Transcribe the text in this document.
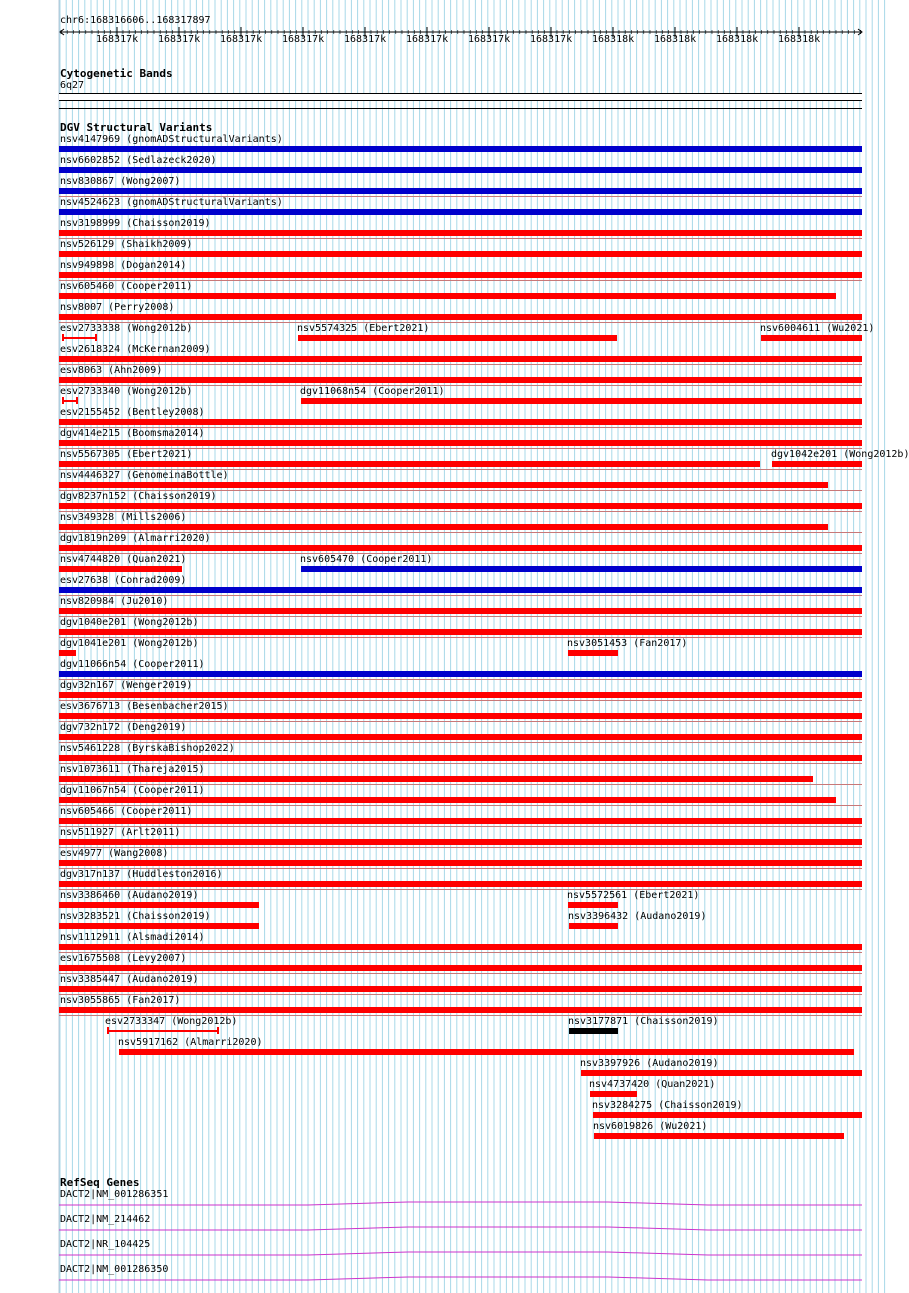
chr6:168316606..168317897
168317k 168317k 168317k 168317k 168317k 168317k 168317k 168317k 168318k 168318k 168318k 168318k
Cytogenetic Bands
6q27
DGV Structural Variants
nsv4147969 (gnomADStructuralVariants)
nsv6602852 (Sedlazeck2020)
nsv830867 (Wong2007)
nsv4524623 (gnomADStructuralVariants)
nsv3198999 (Chaisson2019)
nsv526129 (Shaikh2009)
nsv949898 (Dogan2014)
nsv605460 (Cooper2011)
nsv8007 (Perry2008)
esv2733338 (Wong2012b)	nsv5574325 (Ebert2021)	nsv6004611 (Wu2021)
esv2618324 (McKernan2009)
esv8063 (Ahn2009)
esv2733340 (Wong2012b)	dgv11068n54 (Cooper2011)
esv2155452 (Bentley2008)
dgv414e215 (Boomsma2014)
nsv5567305 (Ebert2021)	dgv1042e201 (Wong2012b)
nsv4446327 (GenomeinaBottle)
dgv8237n152 (Chaisson2019)
nsv349328 (Mills2006)
dgv1819n209 (Almarri2020)
nsv4744820 (Quan2021)	nsv605470 (Cooper2011)
esv27638 (Conrad2009)
nsv820984 (Ju2010)
dgv1040e201 (Wong2012b)
dgv1041e201 (Wong2012b)	nsv3051453 (Fan2017)
dgv11066n54 (Cooper2011)
dgv32n167 (Wenger2019)
esv3676713 (Besenbacher2015)
dgv732n172 (Deng2019)
nsv5461228 (ByrskaBishop2022)
nsv1073611 (Thareja2015)
dgv11067n54 (Cooper2011)
nsv605466 (Cooper2011)
nsv511927 (Arlt2011)
esv4977 (Wang2008)
dgv317n137 (Huddleston2016)
nsv3386460 (Audano2019)	nsv5572561 (Ebert2021)
nsv3283521 (Chaisson2019)	nsv3396432 (Audano2019)
nsv1112911 (Alsmadi2014)
esv1675508 (Levy2007)
nsv3385447 (Audano2019)
nsv3055865 (Fan2017)
esv2733347 (Wong2012b)	nsv3177871 (Chaisson2019)
nsv5917162 (Almarri2020)
nsv3397926 (Audano2019)
nsv4737420 (Quan2021)
nsv3284275 (Chaisson2019)
nsv6019826 (Wu2021)
RefSeq Genes
DACT2|NM_001286351
DACT2|NM_214462
DACT2|NR_104425
DACT2|NM_001286350
